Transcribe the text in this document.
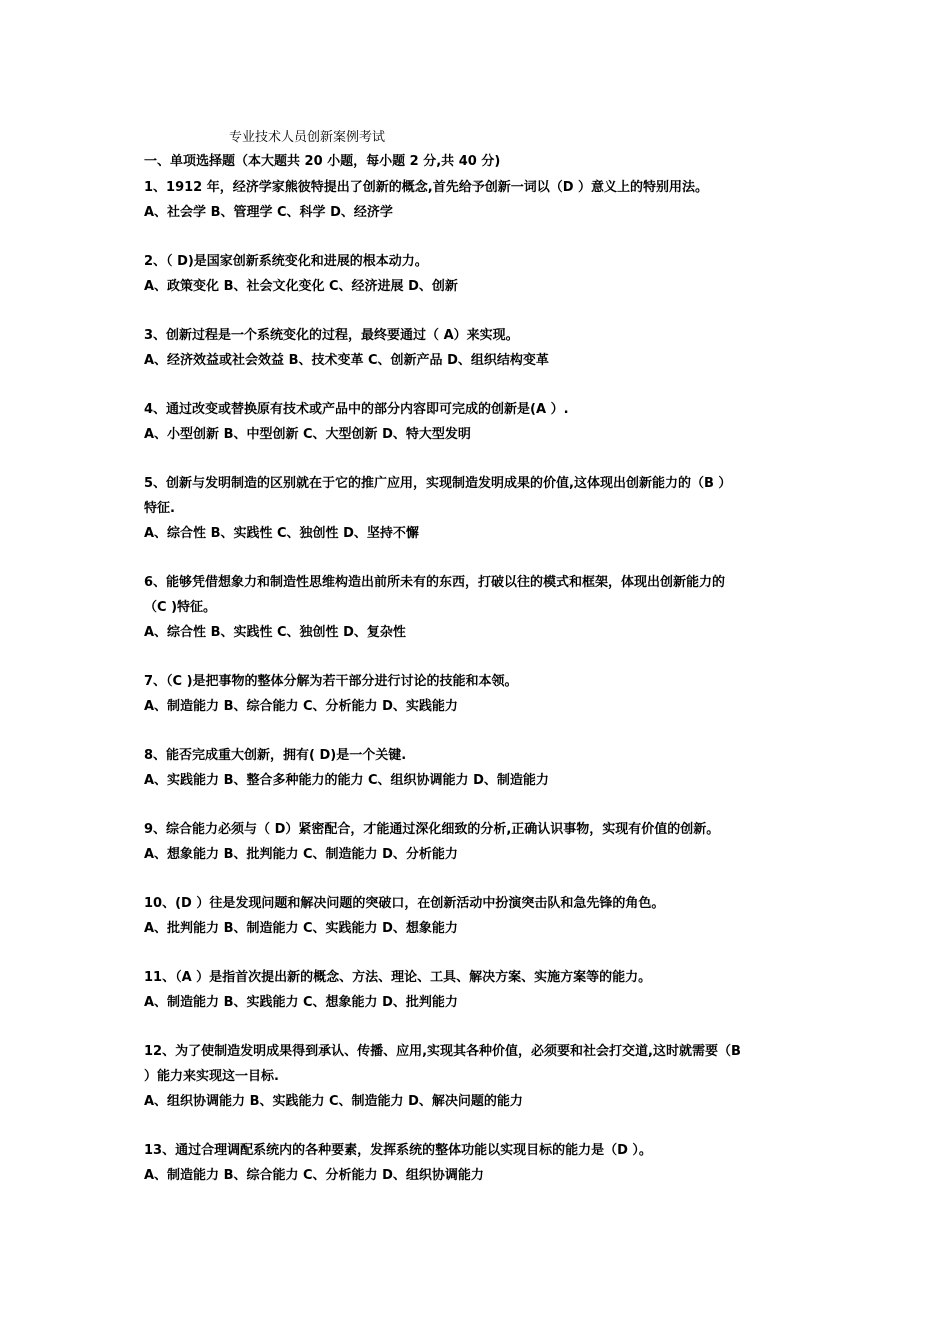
专业技术人员创新案例考试
一、单项选择题（本大题共 20 小题，每小题 2 分,共 40 分)
1、1912 年，经济学家熊彼特提出了创新的概念,首先给予创新一词以（D ）意义上的特别用法。
A、社会学 B、管理学 C、科学 D、经济学
2、（ D)是国家创新系统变化和进展的根本动力。
A、政策变化 B、社会文化变化 C、经济进展 D、创新
3、创新过程是一个系统变化的过程，最终要通过（ A）来实现。
A、经济效益或社会效益 B、技术变革 C、创新产品 D、组织结构变革
4、通过改变或替换原有技术或产品中的部分内容即可完成的创新是(A ）.
A、小型创新 B、中型创新 C、大型创新 D、特大型发明
5、创新与发明制造的区别就在于它的推广应用，实现制造发明成果的价值,这体现出创新能力的（B ）
特征.
A、综合性 B、实践性 C、独创性 D、坚持不懈
6、能够凭借想象力和制造性思维构造出前所未有的东西，打破以往的模式和框架，体现出创新能力的
（C )特征。
A、综合性 B、实践性 C、独创性 D、复杂性
7、（C )是把事物的整体分解为若干部分进行讨论的技能和本领。
A、制造能力 B、综合能力 C、分析能力 D、实践能力
8、能否完成重大创新，拥有( D)是一个关键.
A、实践能力 B、整合多种能力的能力 C、组织协调能力 D、制造能力
9、综合能力必须与（ D）紧密配合，才能通过深化细致的分析,正确认识事物，实现有价值的创新。
A、想象能力 B、批判能力 C、制造能力 D、分析能力
10、(D ）往是发现问题和解决问题的突破口，在创新活动中扮演突击队和急先锋的角色。
A、批判能力 B、制造能力 C、实践能力 D、想象能力
11、（A ）是指首次提出新的概念、方法、理论、工具、解决方案、实施方案等的能力。
A、制造能力 B、实践能力 C、想象能力 D、批判能力
12、为了使制造发明成果得到承认、传播、应用,实现其各种价值，必须要和社会打交道,这时就需要（B
）能力来实现这一目标.
A、组织协调能力 B、实践能力 C、制造能力 D、解决问题的能力
13、通过合理调配系统内的各种要素，发挥系统的整体功能以实现目标的能力是（D ）。
A、制造能力 B、综合能力 C、分析能力 D、组织协调能力
